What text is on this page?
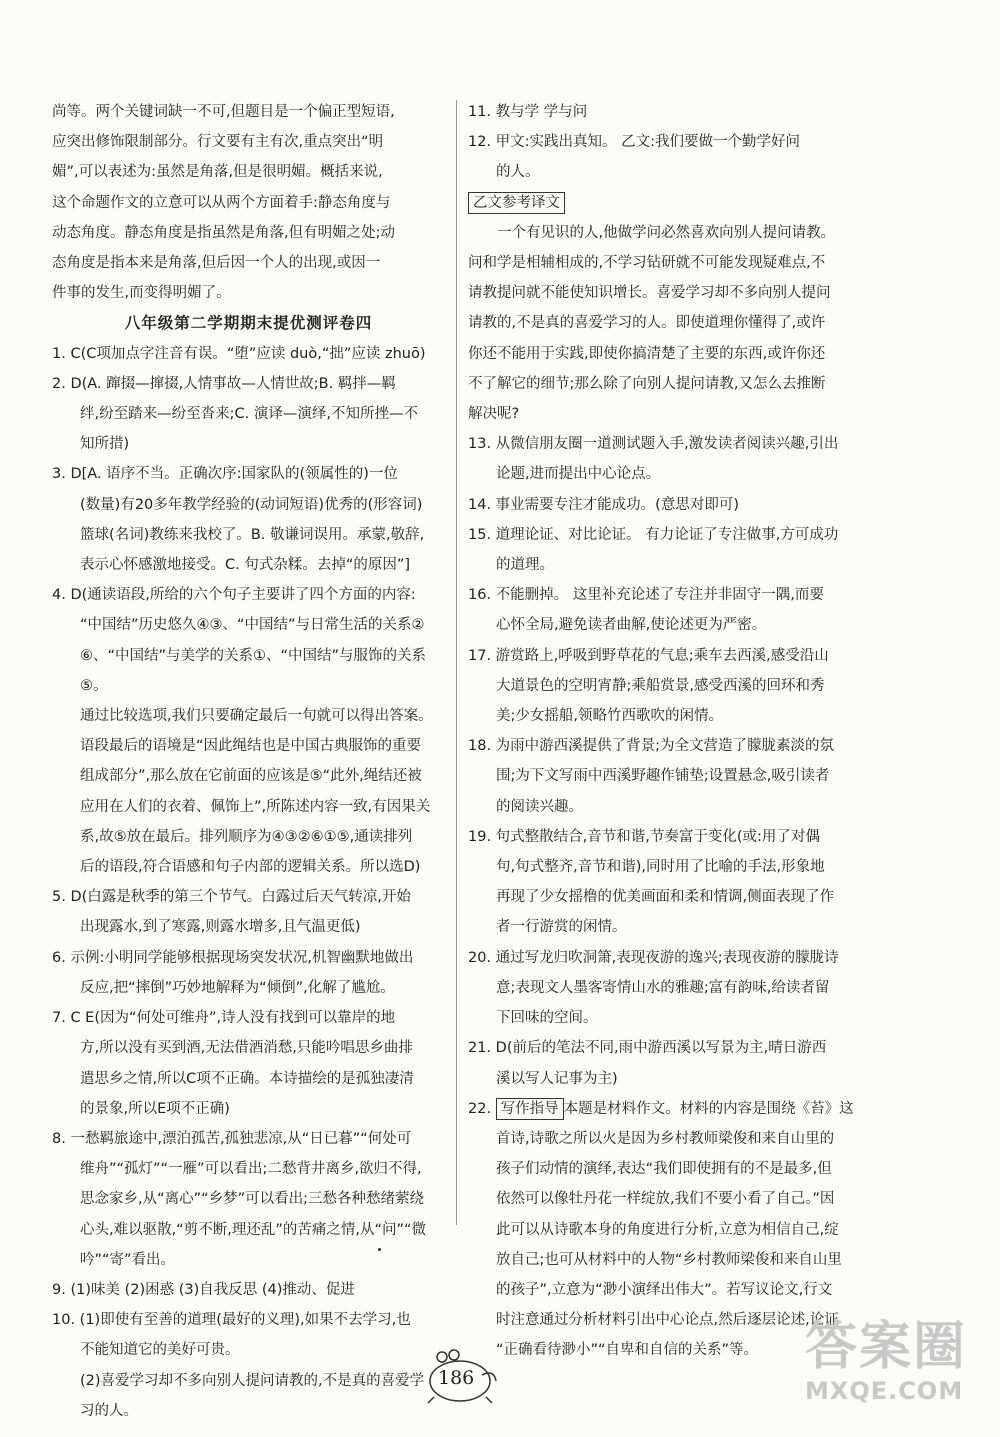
尚等。两个关键词缺一不可,但题目是一个偏正型短语,

应突出修饰限制部分。行文要有主有次,重点突出“明

媚”,可以表述为:虽然是角落,但是很明媚。概括来说,

这个命题作文的立意可以从两个方面着手:静态角度与

动态角度。静态角度是指虽然是角落,但有明媚之处;动

态角度是指本来是角落,但后因一个人的出现,或因一

件事的发生,而变得明媚了。

八年级第二学期期末提优测评卷四

1. C(C项加点字注音有误。“堕”应读 duò,“拙”应读 zhuō)

2. D(A. 蹿掇—撺掇,人情事故—人情世故;B. 羁拌—羁

绊,纷至踏来—纷至沓来;C. 演译—演绎,不知所挫—不

知所措)

3. D[A. 语序不当。正确次序:国家队的(领属性的)一位

(数量)有20多年教学经验的(动词短语)优秀的(形容词)

篮球(名词)教练来我校了。B. 敬谦词误用。承蒙,敬辞,

表示心怀感激地接受。C. 句式杂糅。去掉“的原因”]

4. D(通读语段,所给的六个句子主要讲了四个方面的内容:

“中国结”历史悠久④③、“中国结”与日常生活的关系②

⑥、“中国结”与美学的关系①、“中国结”与服饰的关系⑤。

通过比较选项,我们只要确定最后一句就可以得出答案。

语段最后的语境是“因此绳结也是中国古典服饰的重要

组成部分”,那么放在它前面的应该是⑤“此外,绳结还被

应用在人们的衣着、佩饰上”,所陈述内容一致,有因果关

系,故⑤放在最后。排列顺序为④③②⑥①⑤,通读排列

后的语段,符合语感和句子内部的逻辑关系。所以选D)

5. D(白露是秋季的第三个节气。白露过后天气转凉,开始

出现露水,到了寒露,则露水增多,且气温更低)

6. 示例:小明同学能够根据现场突发状况,机智幽默地做出

反应,把“摔倒”巧妙地解释为“倾倒”,化解了尴尬。

7. C E(因为“何处可维舟”,诗人没有找到可以靠岸的地

方,所以没有买到酒,无法借酒消愁,只能吟唱思乡曲排

遣思乡之情,所以C项不正确。本诗描绘的是孤独凄清

的景象,所以E项不正确)

8. 一愁羁旅途中,漂泊孤苦,孤独悲凉,从“日已暮”“何处可

维舟”“孤灯”“一雁”可以看出;二愁背井离乡,欲归不得,

思念家乡,从“离心”“乡梦”可以看出;三愁各种愁绪萦绕

心头,难以驱散,“剪不断,理还乱”的苦痛之情,从“问”“微

吟”“寄”看出。

9. (1)味美 (2)困惑 (3)自我反思 (4)推动、促进

10. (1)即使有至善的道理(最好的义理),如果不去学习,也

不能知道它的美好可贵。

(2)喜爱学习却不多向别人提问请教的,不是真的喜爱学

习的人。

11. 教与学 学与问

12. 甲文:实践出真知。 乙文:我们要做一个勤学好问

的人。

乙文参考译文

一个有见识的人,他做学问必然喜欢向别人提问请教。

问和学是相辅相成的,不学习钻研就不可能发现疑难点,不

请教提问就不能使知识增长。喜爱学习却不多向别人提问

请教的,不是真的喜爱学习的人。即使道理你懂得了,或许

你还不能用于实践,即使你搞清楚了主要的东西,或许你还

不了解它的细节;那么除了向别人提问请教,又怎么去推断

解决呢?

13. 从微信朋友圈一道测试题入手,激发读者阅读兴趣,引出

论题,进而提出中心论点。

14. 事业需要专注才能成功。(意思对即可)

15. 道理论证、对比论证。 有力论证了专注做事,方可成功

的道理。

16. 不能删掉。 这里补充论述了专注并非固守一隅,而要

心怀全局,避免读者曲解,使论述更为严密。

17. 游赏路上,呼吸到野草花的气息;乘车去西溪,感受沿山

大道景色的空明宵静;乘船赏景,感受西溪的回环和秀

美;少女摇船,领略竹西歌吹的闲情。

18. 为雨中游西溪提供了背景;为全文营造了朦胧素淡的氛

围;为下文写雨中西溪野趣作铺垫;设置悬念,吸引读者

的阅读兴趣。

19. 句式整散结合,音节和谐,节奏富于变化(或:用了对偶

句,句式整齐,音节和谐),同时用了比喻的手法,形象地

再现了少女摇橹的优美画面和柔和情调,侧面表现了作

者一行游赏的闲情。

20. 通过写龙归吹洞箫,表现夜游的逸兴;表现夜游的朦胧诗

意;表现文人墨客寄情山水的雅趣;富有韵味,给读者留

下回味的空间。

21. D(前后的笔法不同,雨中游西溪以写景为主,晴日游西

溪以写人记事为主)

22. 写作指导 本题是材料作文。材料的内容是围绕《苔》这

首诗,诗歌之所以火是因为乡村教师梁俊和来自山里的

孩子们动情的演绎,表达“我们即使拥有的不是最多,但

依然可以像牡丹花一样绽放,我们不要小看了自己。”因

此可以从诗歌本身的角度进行分析,立意为相信自己,绽

放自己;也可从材料中的人物“乡村教师梁俊和来自山里

的孩子”,立意为“渺小演绎出伟大”。若写议论文,行文

时注意通过分析材料引出中心论点,然后逐层论述,论证

“正确看待渺小”“自卑和自信的关系”等。

186
答案圈
MXQE.COM
